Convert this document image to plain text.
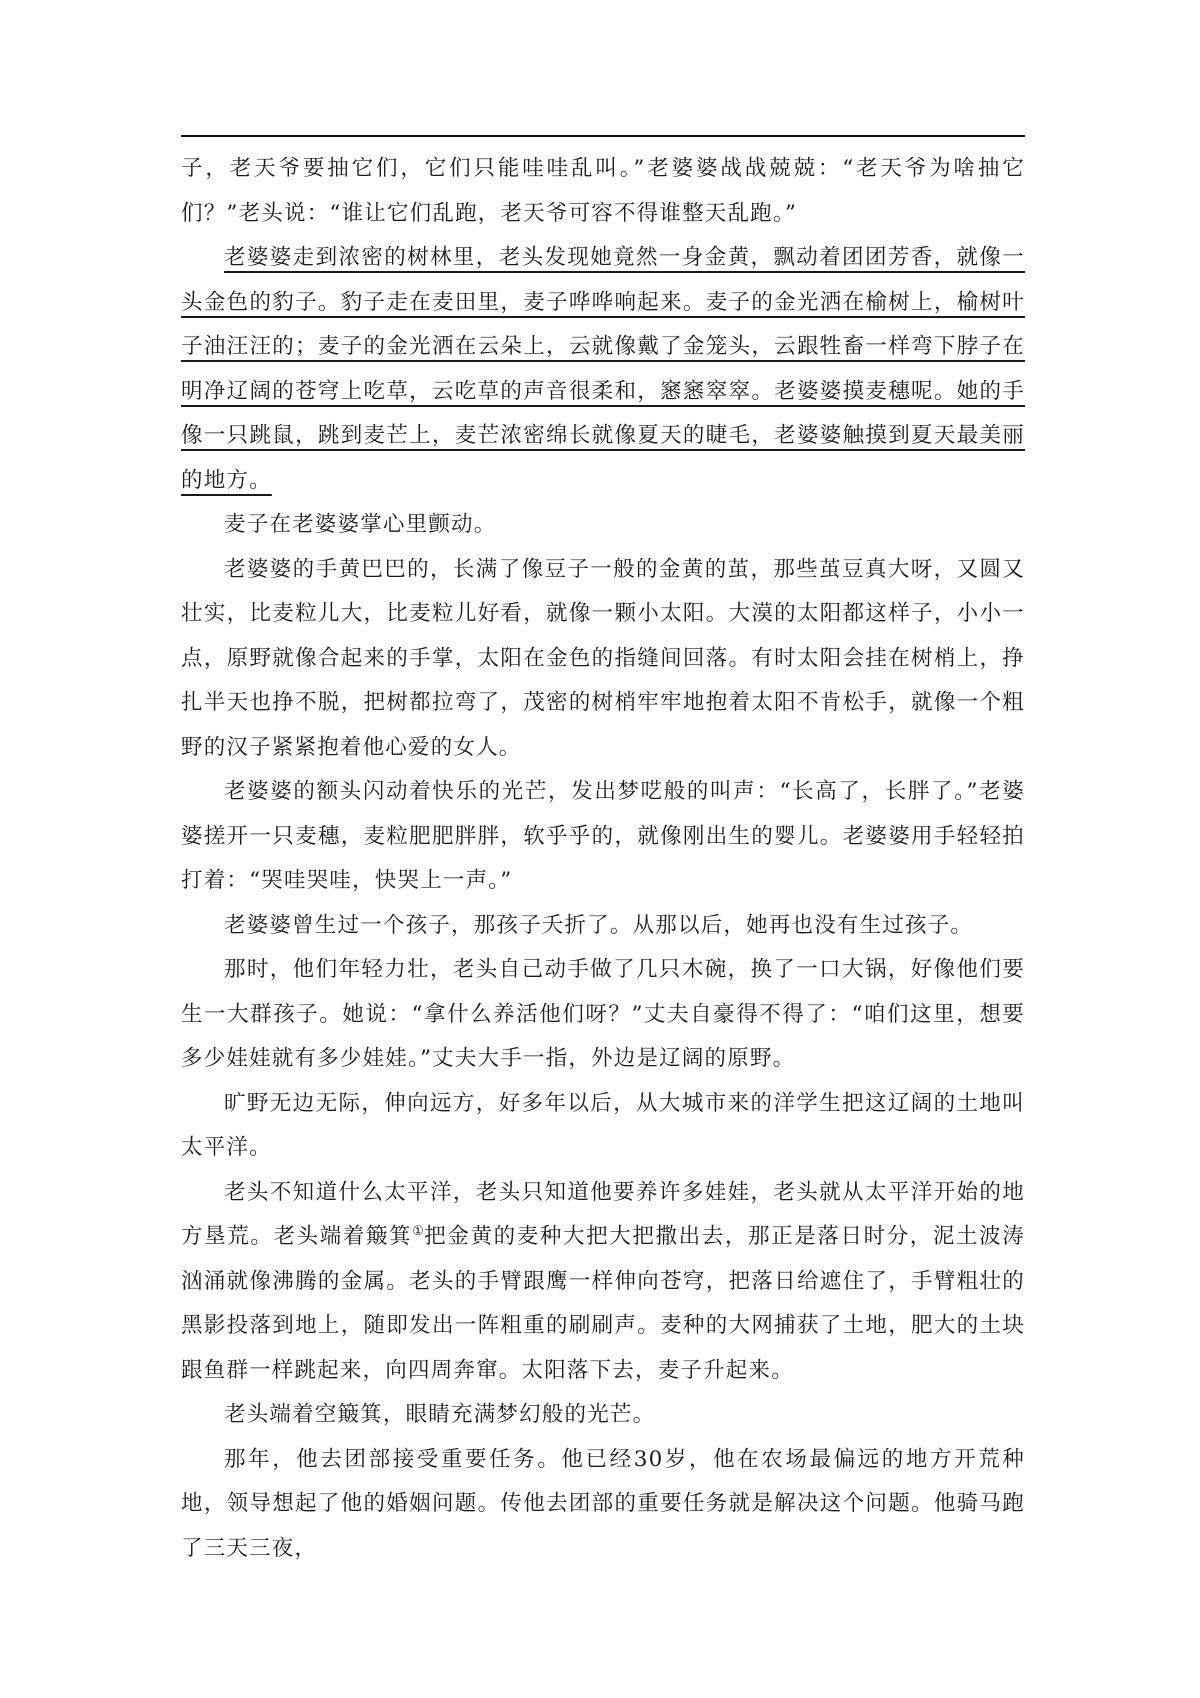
子，老天爷要抽它们，它们只能哇哇乱叫。”老婆婆战战兢兢：“老天爷为啥抽它们？”老头说：“谁让它们乱跑，老天爷可容不得谁整天乱跑。”

老婆婆走到浓密的树林里，老头发现她竟然一身金黄，飘动着团团芳香，就像一头金色的豹子。豹子走在麦田里，麦子哗哗响起来。麦子的金光洒在榆树上，榆树叶子油汪汪的；麦子的金光洒在云朵上，云就像戴了金笼头，云跟牲畜一样弯下脖子在明净辽阔的苍穹上吃草，云吃草的声音很柔和，窸窸窣窣。老婆婆摸麦穗呢。她的手像一只跳鼠，跳到麦芒上，麦芒浓密绵长就像夏天的睫毛，老婆婆触摸到夏天最美丽的地方。

麦子在老婆婆掌心里颤动。

老婆婆的手黄巴巴的，长满了像豆子一般的金黄的茧，那些茧豆真大呀，又圆又壮实，比麦粒儿大，比麦粒儿好看，就像一颗小太阳。大漠的太阳都这样子，小小一点，原野就像合起来的手掌，太阳在金色的指缝间回落。有时太阳会挂在树梢上，挣扎半天也挣不脱，把树都拉弯了，茂密的树梢牢牢地抱着太阳不肯松手，就像一个粗野的汉子紧紧抱着他心爱的女人。

老婆婆的额头闪动着快乐的光芒，发出梦呓般的叫声：“长高了，长胖了。”老婆婆搓开一只麦穗，麦粒肥肥胖胖，软乎乎的，就像刚出生的婴儿。老婆婆用手轻轻拍打着：“哭哇哭哇，快哭上一声。”

老婆婆曾生过一个孩子，那孩子夭折了。从那以后，她再也没有生过孩子。

那时，他们年轻力壮，老头自己动手做了几只木碗，换了一口大锅，好像他们要生一大群孩子。她说：“拿什么养活他们呀？”丈夫自豪得不得了：“咱们这里，想要多少娃娃就有多少娃娃。”丈夫大手一指，外边是辽阔的原野。

旷野无边无际，伸向远方，好多年以后，从大城市来的洋学生把这辽阔的土地叫太平洋。

老头不知道什么太平洋，老头只知道他要养许多娃娃，老头就从太平洋开始的地方垦荒。老头端着簸箕①把金黄的麦种大把大把撒出去，那正是落日时分，泥土波涛汹涌就像沸腾的金属。老头的手臂跟鹰一样伸向苍穹，把落日给遮住了，手臂粗壮的黑影投落到地上，随即发出一阵粗重的刷刷声。麦种的大网捕获了土地，肥大的土块跟鱼群一样跳起来，向四周奔窜。太阳落下去，麦子升起来。

老头端着空簸箕，眼睛充满梦幻般的光芒。

那年，他去团部接受重要任务。他已经30岁，他在农场最偏远的地方开荒种地，领导想起了他的婚姻问题。传他去团部的重要任务就是解决这个问题。他骑马跑了三天三夜，
